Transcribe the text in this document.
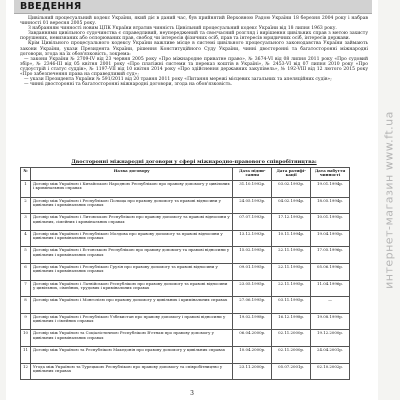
ВВЕДЕННЯ

Цивільний процесуальний кодекс України, який діє в даний час, був прийнятий Верховною Радою України 18 березня 2004 року і набрав чинності 01 вересня 2005 року.

З набранням чинності новим ЦПК України втратив чинність Цивільний процесуальний кодекс України від 18 липня 1963 року.

Завданнями цивільного судочинства є справедливий, неупереджений та своєчасний розгляд і вирішення цивільних справ з метою захисту порушених, невизнаних або оспорюваних прав, свобод чи інтересів фізичних осіб, прав та інтересів юридичних осіб, інтересів держави.

Крім Цивільного процесуального кодексу України важливе місце в системі цивільного процесуального законодавства України займають закони України, укази Президента України, рішення Конституційного Суду України, чинні двосторонні та багатосторонні міжнародні договори, згода на їх обов'язковість, зокрема:

— закони України № 2709-IV від 23 червня 2005 року «Про міжнародне приватне право», № 3674-VI від 08 липня 2011 року «Про судовий збір», № 2346-III від 05 квітня 2001 року «Про платіжні системи та переказ коштів в Україні», № 2453-VI від 07 липня 2010 року «Про судоустрій і статус суддів», № 1197-VII від 10 квітня 2014 року «Про здійснення державних закупівель», № 192-VIII від 12 лютого 2015 року «Про забезпечення права на справедливий суд»;

— укази Президента України № 591/2011 від 20 травня 2011 року «Питання мережі місцевих загальних та апеляційних судів»;

— чинні двосторонні та багатосторонні міжнародні договори, згода на обов'язковість.

Двосторонні міжнародні договори у сфері міжнародно-правового співробітництва:
№	Назва договору	Дата підпи-сання	Дата ратифі-кації	Дата набуття чинності
1	Договір між Україною і Китайською Народною Республікою про правову допомогу у цивільних і кримінальних справах	31.10.1992р.	03.02.1993р.	19.01.1994р.
2	Договір між Україною і Республікою Польща про правову допомогу та правові відносини у цивільних і кримінальних справах	24.05.1993р.	04.02.1994р.	18.05.1994р.
3	Договір між Україною і Литовською Республікою про правову допомогу та правові відносини у цивільних, сімейних і кримінальних справах	07.07.1993р.	17.12.1993р.	10.01.1995р.
4	Договір між Україною і Республікою Молдова про правову допомогу та правові відносини у цивільних і кримінальних справах	13.12.1993р.	10.11.1994р.	19.04.1995р.
5	Договір між Україною і Естонською Республікою про правову допомогу та правові відносини у цивільних і кримінальних справах	15.02.1995р.	22.11.1995р.	17.05.1996р.
6	Договір між Україною і Республікою Грузія про правову допомогу та правові відносини у цивільних і кримінальних справах	09.01.1995р.	22.11.1995р.	05.06.1996р.
7	Договір між Україною і Латвійською Республікою про правову допомогу та правові відносини у цивільних, сімейних, трудових і кримінальних справах	23.05.1995р.	22.11.1995р.	11.04.1996р.
8	Договір між Україною і Монголією про правову допомогу у цивільних і кримінальних справах	27.06.1995р.	03.11.1995р.	—
9	Договір між Україною і Республікою Узбекистан про правову допомогу і правові відносини у цивільних і сімейних справах	19.02.1998р.	16.12.1998р.	19.08.1999р.
10	Договір між Україною та Соціалістичною Республікою В'єтнам про правову допомогу у цивільних і кримінальних справах	06.04.2000р.	02.11.2000р.	19.12.2000р.
11	Договір між Україною та Республікою Македонія про правову допомогу у цивільних справах	10.04.2000р.	02.11.2000р.	24.04.2001р.
12	Угода між Україною та Турецькою Республікою про правову допомогу та співробітництво у цивільних справах	23.11.2000р.	05.07.2001р.	02.10.2002р.
3
интернет-магазин www.ft.ua
